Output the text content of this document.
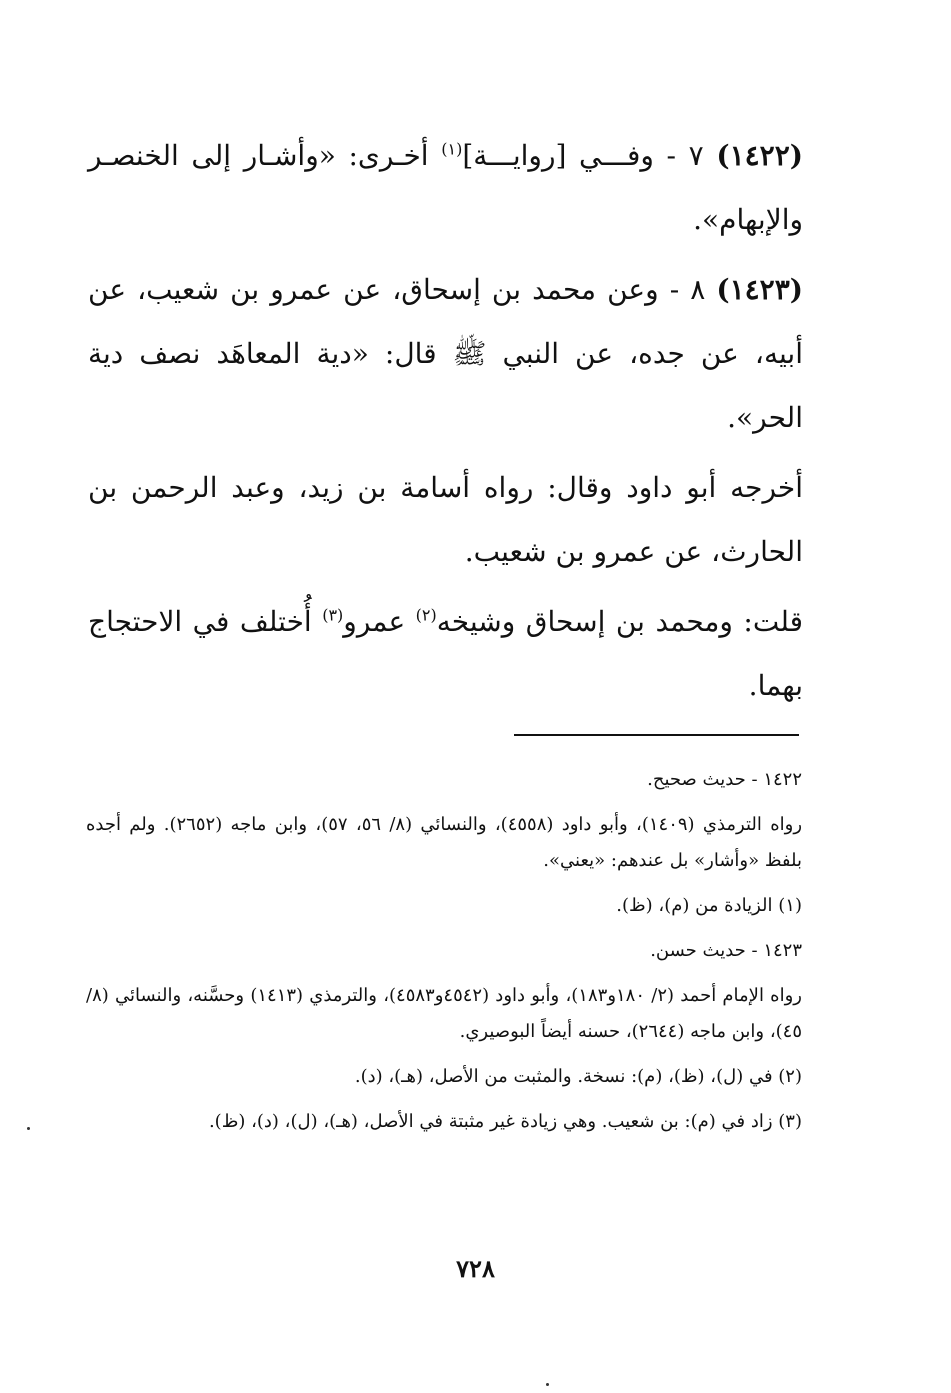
(١٤٢٢) ٧ - وفـــي [روايـــة]$^{(١)}$ أخـرى: «وأشـار إلى الخنصـر والإبهام».

(١٤٢٣) ٨ - وعن محمد بن إسحاق، عن عمرو بن شعيب، عن أبيه، عن جده، عن النبي ﷺ قال: «دية المعاهَد نصف دية الحر».

أخرجه أبو داود وقال: رواه أسامة بن زيد، وعبد الرحمن بن الحارث، عن عمرو بن شعيب.

قلت: ومحمد بن إسحاق وشيخه$^{(٢)}$ عمرو$^{(٣)}$ أُختلف في الاحتجاج بهما.

١٤٢٢ - حديث صحيح.

رواه الترمذي (١٤٠٩)، وأبو داود (٤٥٥٨)، والنسائي (٨/ ٥٦، ٥٧)، وابن ماجه (٢٦٥٢). ولم أجده بلفظ «وأشار» بل عندهم: «يعني».

(١) الزيادة من (م)، (ظ).

١٤٢٣ - حديث حسن.

رواه الإمام أحمد (٢/ ١٨٠و١٨٣)، وأبو داود (٤٥٤٢و٤٥٨٣)، والترمذي (١٤١٣) وحسَّنه، والنسائي (٨/ ٤٥)، وابن ماجه (٢٦٤٤)، حسنه أيضاً البوصيري.

(٢) في (ل)، (ظ)، (م): نسخة. والمثبت من الأصل، (هـ)، (د).

(٣) زاد في (م): بن شعيب. وهي زيادة غير مثبتة في الأصل، (هـ)، (ل)، (د)، (ظ).

٧٢٨
